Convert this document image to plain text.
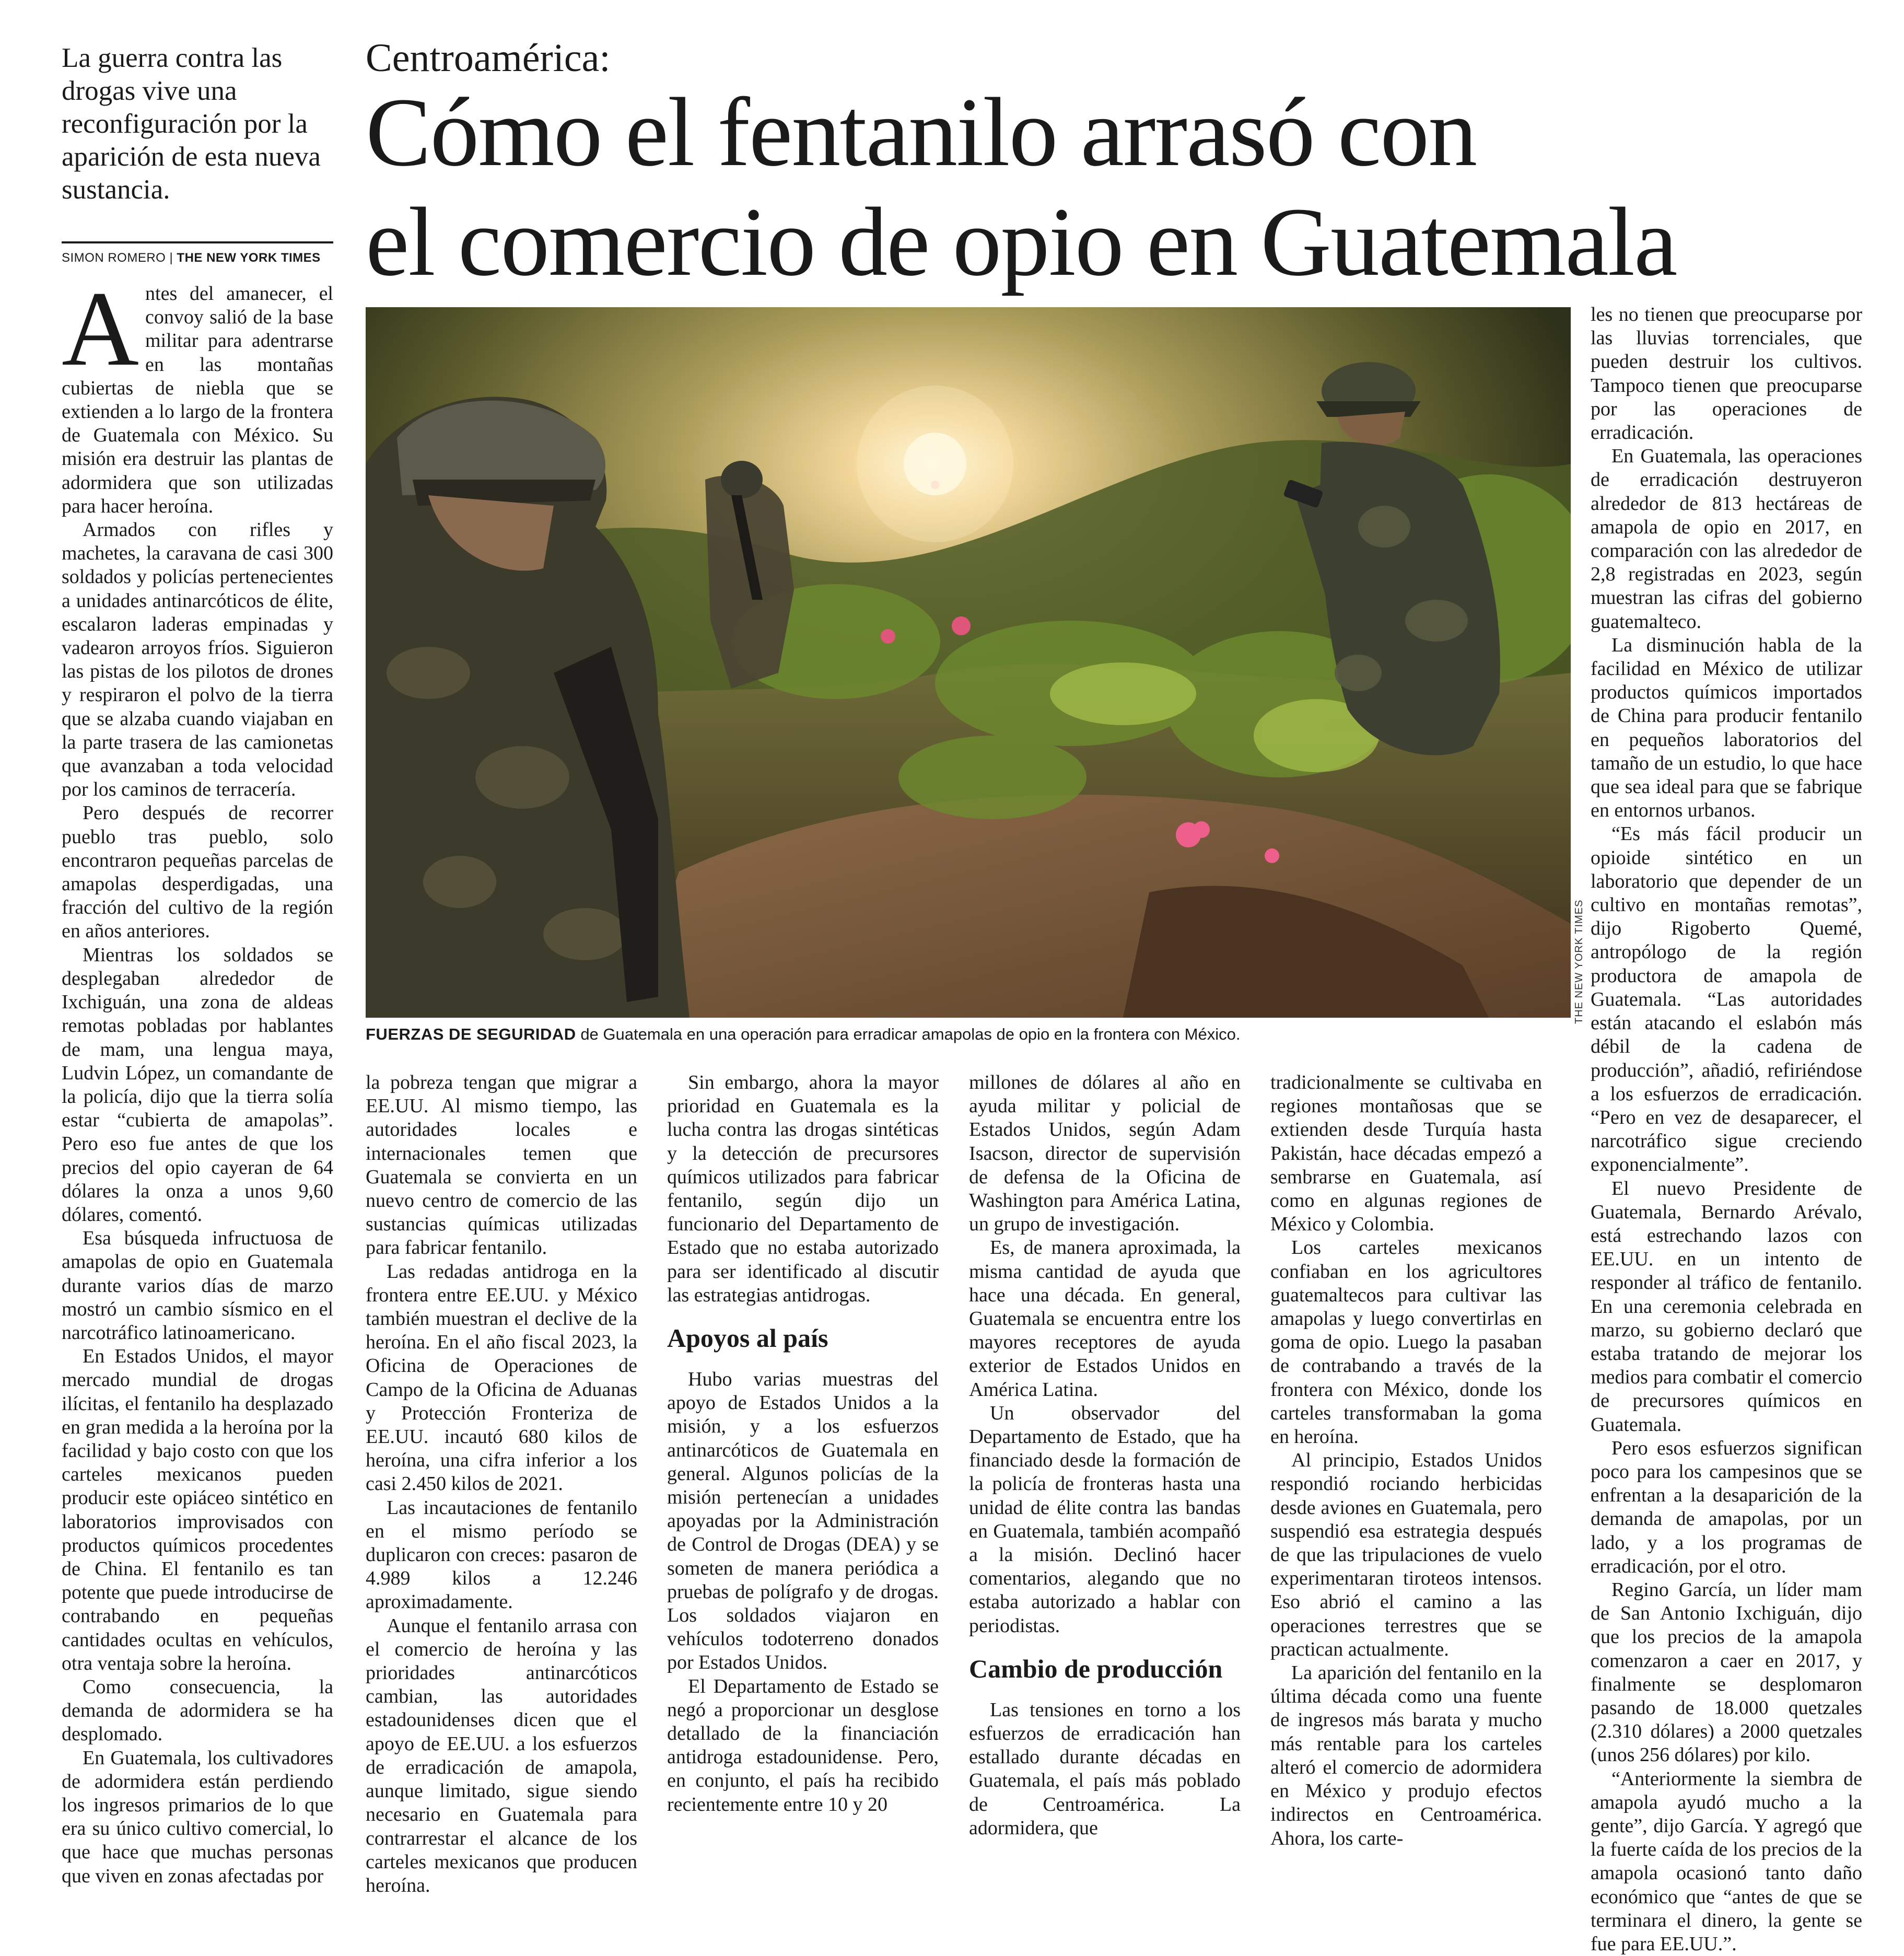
La guerra contra las drogas vive una reconfiguración por la aparición de esta nueva sustancia.
SIMON ROMERO | THE NEW YORK TIMES
Centroamérica:
Cómo el fentanilo arrasó con
el comercio de opio en Guatemala

Antes del amanecer, el convoy salió de la base militar para adentrarse en las montañas cubiertas de niebla que se extienden a lo largo de la frontera de Guatemala con México. Su misión era destruir las plantas de adormidera que son utilizadas para hacer heroína.

Armados con rifles y machetes, la caravana de casi 300 soldados y policías pertenecientes a unidades antinarcóticos de élite, escalaron laderas empinadas y vadearon arroyos fríos. Siguieron las pistas de los pilotos de drones y respiraron el polvo de la tierra que se alzaba cuando viajaban en la parte trasera de las camionetas que avanzaban a toda velocidad por los caminos de terracería.

Pero después de recorrer pueblo tras pueblo, solo encontraron pequeñas parcelas de amapolas desperdigadas, una fracción del cultivo de la región en años anteriores.

Mientras los soldados se desplegaban alrededor de Ixchiguán, una zona de aldeas remotas pobladas por hablantes de mam, una lengua maya, Ludvin López, un comandante de la policía, dijo que la tierra solía estar “cubierta de amapolas”. Pero eso fue antes de que los precios del opio cayeran de 64 dólares la onza a unos 9,60 dólares, comentó.

Esa búsqueda infructuosa de amapolas de opio en Guatemala durante varios días de marzo mostró un cambio sísmico en el narcotráfico latinoamericano.

En Estados Unidos, el mayor mercado mundial de drogas ilícitas, el fentanilo ha desplazado en gran medida a la heroína por la facilidad y bajo costo con que los carteles mexicanos pueden producir este opiáceo sintético en laboratorios improvisados con productos químicos procedentes de China. El fentanilo es tan potente que puede introducirse de contrabando en pequeñas cantidades ocultas en vehículos, otra ventaja sobre la heroína.

Como consecuencia, la demanda de adormidera se ha desplomado.

En Guatemala, los cultivadores de adormidera están perdiendo los ingresos primarios de lo que era su único cultivo comercial, lo que hace que muchas personas que viven en zonas afectadas por

THE NEW YORK TIMES
FUERZAS DE SEGURIDAD de Guatemala en una operación para erradicar amapolas de opio en la frontera con México.

la pobreza tengan que migrar a EE.UU. Al mismo tiempo, las autoridades locales e internacionales temen que Guatemala se convierta en un nuevo centro de comercio de las sustancias químicas utilizadas para fabricar fentanilo.

Las redadas antidroga en la frontera entre EE.UU. y México también muestran el declive de la heroína. En el año fiscal 2023, la Oficina de Operaciones de Campo de la Oficina de Aduanas y Protección Fronteriza de EE.UU. incautó 680 kilos de heroína, una cifra inferior a los casi 2.450 kilos de 2021.

Las incautaciones de fentanilo en el mismo período se duplicaron con creces: pasaron de 4.989 kilos a 12.246 aproximadamente.

Aunque el fentanilo arrasa con el comercio de heroína y las prioridades antinarcóticos cambian, las autoridades estadounidenses dicen que el apoyo de EE.UU. a los esfuerzos de erradicación de amapola, aunque limitado, sigue siendo necesario en Guatemala para contrarrestar el alcance de los carteles mexicanos que producen heroína.

Sin embargo, ahora la mayor prioridad en Guatemala es la lucha contra las drogas sintéticas y la detección de precursores químicos utilizados para fabricar fentanilo, según dijo un funcionario del Departamento de Estado que no estaba autorizado para ser identificado al discutir las estrategias antidrogas.

Apoyos al país

Hubo varias muestras del apoyo de Estados Unidos a la misión, y a los esfuerzos antinarcóticos de Guatemala en general. Algunos policías de la misión pertenecían a unidades apoyadas por la Administración de Control de Drogas (DEA) y se someten de manera periódica a pruebas de polígrafo y de drogas. Los soldados viajaron en vehículos todoterreno donados por Estados Unidos.

El Departamento de Estado se negó a proporcionar un desglose detallado de la financiación antidroga estadounidense. Pero, en conjunto, el país ha recibido recientemente entre 10 y 20

millones de dólares al año en ayuda militar y policial de Estados Unidos, según Adam Isacson, director de supervisión de defensa de la Oficina de Washington para América Latina, un grupo de investigación.

Es, de manera aproximada, la misma cantidad de ayuda que hace una década. En general, Guatemala se encuentra entre los mayores receptores de ayuda exterior de Estados Unidos en América Latina.

Un observador del Departamento de Estado, que ha financiado desde la formación de la policía de fronteras hasta una unidad de élite contra las bandas en Guatemala, también acompañó a la misión. Declinó hacer comentarios, alegando que no estaba autorizado a hablar con periodistas.

Cambio de producción

Las tensiones en torno a los esfuerzos de erradicación han estallado durante décadas en Guatemala, el país más poblado de Centroamérica. La adormidera, que

tradicionalmente se cultivaba en regiones montañosas que se extienden desde Turquía hasta Pakistán, hace décadas empezó a sembrarse en Guatemala, así como en algunas regiones de México y Colombia.

Los carteles mexicanos confiaban en los agricultores guatemaltecos para cultivar las amapolas y luego convertirlas en goma de opio. Luego la pasaban de contrabando a través de la frontera con México, donde los carteles transformaban la goma en heroína.

Al principio, Estados Unidos respondió rociando herbicidas desde aviones en Guatemala, pero suspendió esa estrategia después de que las tripulaciones de vuelo experimentaran tiroteos intensos. Eso abrió el camino a las operaciones terrestres que se practican actualmente.

La aparición del fentanilo en la última década como una fuente de ingresos más barata y mucho más rentable para los carteles alteró el comercio de adormidera en México y produjo efectos indirectos en Centroamérica. Ahora, los carte-

les no tienen que preocuparse por las lluvias torrenciales, que pueden destruir los cultivos. Tampoco tienen que preocuparse por las operaciones de erradicación.

En Guatemala, las operaciones de erradicación destruyeron alrededor de 813 hectáreas de amapola de opio en 2017, en comparación con las alrededor de 2,8 registradas en 2023, según muestran las cifras del gobierno guatemalteco.

La disminución habla de la facilidad en México de utilizar productos químicos importados de China para producir fentanilo en pequeños laboratorios del tamaño de un estudio, lo que hace que sea ideal para que se fabrique en entornos urbanos.

“Es más fácil producir un opioide sintético en un laboratorio que depender de un cultivo en montañas remotas”, dijo Rigoberto Quemé, antropólogo de la región productora de amapola de Guatemala. “Las autoridades están atacando el eslabón más débil de la cadena de producción”, añadió, refiriéndose a los esfuerzos de erradicación. “Pero en vez de desaparecer, el narcotráfico sigue creciendo exponencialmente”.

El nuevo Presidente de Guatemala, Bernardo Arévalo, está estrechando lazos con EE.UU. en un intento de responder al tráfico de fentanilo. En una ceremonia celebrada en marzo, su gobierno declaró que estaba tratando de mejorar los medios para combatir el comercio de precursores químicos en Guatemala.

Pero esos esfuerzos significan poco para los campesinos que se enfrentan a la desaparición de la demanda de amapolas, por un lado, y a los programas de erradicación, por el otro.

Regino García, un líder mam de San Antonio Ixchiguán, dijo que los precios de la amapola comenzaron a caer en 2017, y finalmente se desplomaron pasando de 18.000 quetzales (2.310 dólares) a 2000 quetzales (unos 256 dólares) por kilo.

“Anteriormente la siembra de amapola ayudó mucho a la gente”, dijo García. Y agregó que la fuerte caída de los precios de la amapola ocasionó tanto daño económico que “antes de que se terminara el dinero, la gente se fue para EE.UU.”.
